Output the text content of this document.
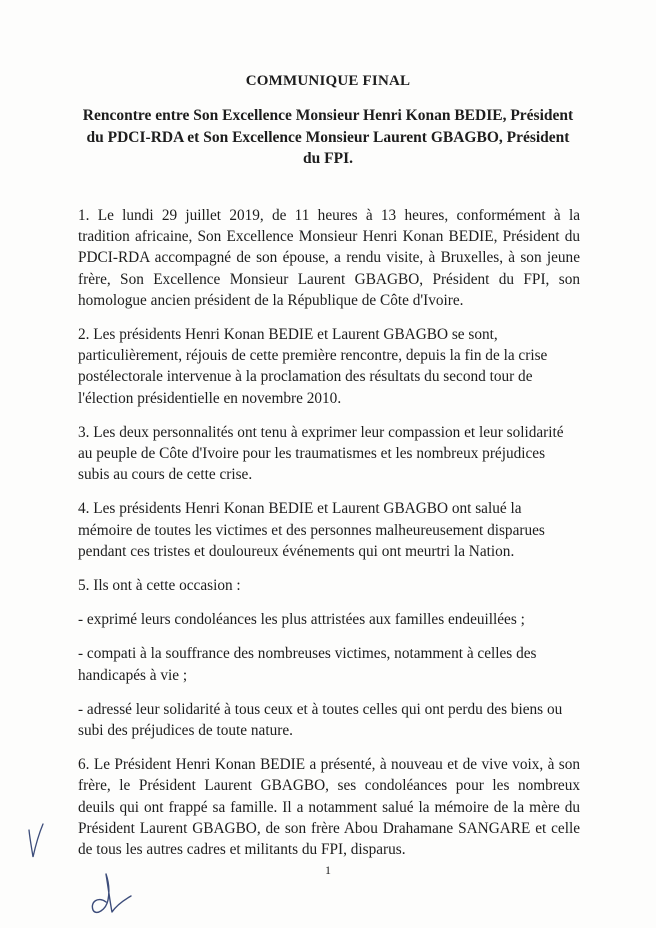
COMMUNIQUE FINAL
Rencontre entre Son Excellence Monsieur Henri Konan BEDIE, Président
du PDCI-RDA et Son Excellence Monsieur Laurent GBAGBO, Président
du FPI.
1. Le lundi 29 juillet 2019, de 11 heures à 13 heures, conformément à la
tradition africaine, Son Excellence Monsieur Henri Konan BEDIE, Président du
PDCI-RDA accompagné de son épouse, a rendu visite, à Bruxelles, à son jeune
frère, Son Excellence Monsieur Laurent GBAGBO, Président du FPI, son
homologue ancien président de la République de Côte d'Ivoire.
2. Les présidents Henri Konan BEDIE et Laurent GBAGBO se sont,
particulièrement, réjouis de cette première rencontre, depuis la fin de la crise
postélectorale intervenue à la proclamation des résultats du second tour de
l'élection présidentielle en novembre 2010.
3. Les deux personnalités ont tenu à exprimer leur compassion et leur solidarité
au peuple de Côte d'Ivoire pour les traumatismes et les nombreux préjudices
subis au cours de cette crise.
4. Les présidents Henri Konan BEDIE et Laurent GBAGBO ont salué la
mémoire de toutes les victimes et des personnes malheureusement disparues
pendant ces tristes et douloureux événements qui ont meurtri la Nation.
5. Ils ont à cette occasion :
- exprimé leurs condoléances les plus attristées aux familles endeuillées ;
- compati à la souffrance des nombreuses victimes, notamment à celles des
handicapés à vie ;
- adressé leur solidarité à tous ceux et à toutes celles qui ont perdu des biens ou
subi des préjudices de toute nature.
6. Le Président Henri Konan BEDIE a présenté, à nouveau et de vive voix, à son
frère, le Président Laurent GBAGBO, ses condoléances pour les nombreux
deuils qui ont frappé sa famille. Il a notamment salué la mémoire de la mère du
Président Laurent GBAGBO, de son frère Abou Drahamane SANGARE et celle
de tous les autres cadres et militants du FPI, disparus.
1
